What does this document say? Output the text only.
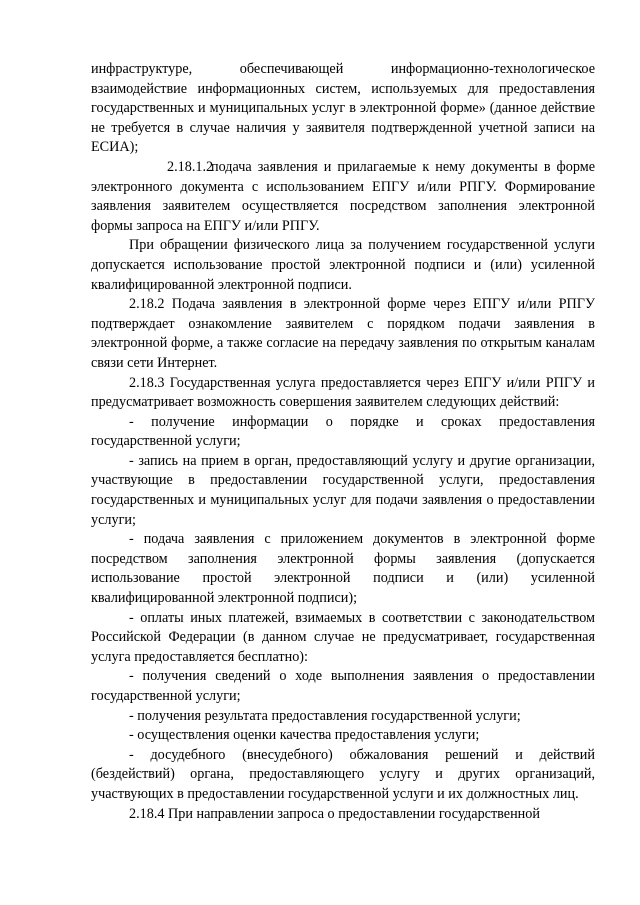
инфраструктуре, обеспечивающей информационно-технологическое взаимодействие информационных систем, используемых для предоставления государственных и муниципальных услуг в электронной форме» (данное действие не требуется в случае наличия у заявителя подтвержденной учетной записи на ЕСИА);

2.18.1.2подача заявления и прилагаемые к нему документы в форме электронного документа с использованием ЕПГУ и/или РПГУ. Формирование заявления заявителем осуществляется посредством заполнения электронной формы запроса на ЕПГУ и/или РПГУ.

При обращении физического лица за получением государственной услуги допускается использование простой электронной подписи и (или) усиленной квалифицированной электронной подписи.

2.18.2 Подача заявления в электронной форме через ЕПГУ и/или РПГУ подтверждает ознакомление заявителем с порядком подачи заявления в электронной форме, а также согласие на передачу заявления по открытым каналам связи сети Интернет.

2.18.3 Государственная услуга предоставляется через ЕПГУ и/или РПГУ и предусматривает возможность совершения заявителем следующих действий:

- получение информации о порядке и сроках предоставления государственной услуги;

- запись на прием в орган, предоставляющий услугу и другие организации, участвующие в предоставлении государственной услуги, предоставления государственных и муниципальных услуг для подачи заявления о предоставлении услуги;

- подача заявления с приложением документов в электронной форме посредством заполнения электронной формы заявления (допускается использование простой электронной подписи и (или) усиленной квалифицированной электронной подписи);

- оплаты иных платежей, взимаемых в соответствии с законодательством Российской Федерации (в данном случае не предусматривает, государственная услуга предоставляется бесплатно):

- получения сведений о ходе выполнения заявления о предоставлении государственной услуги;

- получения результата предоставления государственной услуги;

- осуществления оценки качества предоставления услуги;

- досудебного (внесудебного) обжалования решений и действий (бездействий) органа, предоставляющего услугу и других организаций, участвующих в предоставлении государственной услуги и их должностных лиц.

2.18.4 При направлении запроса о предоставлении государственной
